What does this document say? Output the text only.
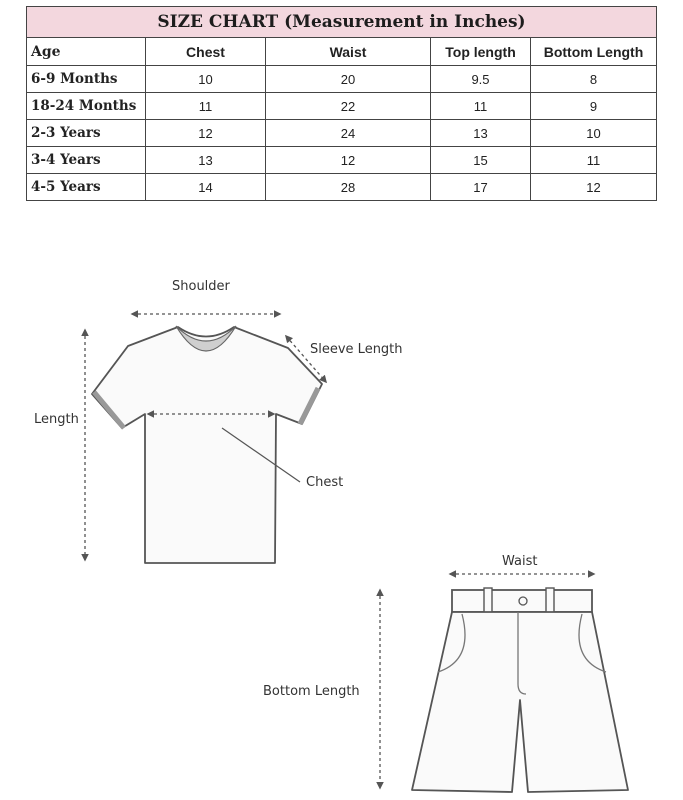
SIZE CHART (Measurement in Inches)				
Age	Chest	Waist	Top length	Bottom Length
6-9 Months	10	20	9.5	8
18-24 Months	11	22	11	9
2-3 Years	12	24	13	10
3-4 Years	13	12	15	11
4-5 Years	14	28	17	12
Shoulder
Sleeve Length
Length
Chest
Waist
Bottom Length
